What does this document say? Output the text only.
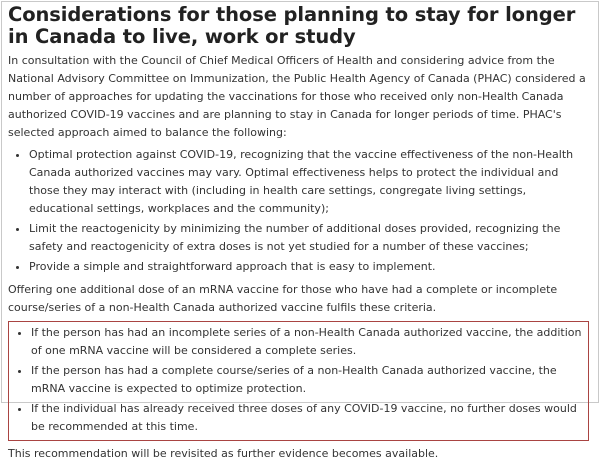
Considerations for those planning to stay for longer in Canada to live, work or study

In consultation with the Council of Chief Medical Officers of Health and considering advice from the National Advisory Committee on Immunization, the Public Health Agency of Canada (PHAC) considered a number of approaches for updating the vaccinations for those who received only non-Health Canada authorized COVID-19 vaccines and are planning to stay in Canada for longer periods of time. PHAC's selected approach aimed to balance the following:

• Optimal protection against COVID-19, recognizing that the vaccine effectiveness of the non-Health Canada authorized vaccines may vary. Optimal effectiveness helps to protect the individual and those they may interact with (including in health care settings, congregate living settings, educational settings, workplaces and the community);
• Limit the reactogenicity by minimizing the number of additional doses provided, recognizing the safety and reactogenicity of extra doses is not yet studied for a number of these vaccines;
• Provide a simple and straightforward approach that is easy to implement.

Offering one additional dose of an mRNA vaccine for those who have had a complete or incomplete course/series of a non-Health Canada authorized vaccine fulfils these criteria.

• If the person has had an incomplete series of a non-Health Canada authorized vaccine, the addition of one mRNA vaccine will be considered a complete series.
• If the person has had a complete course/series of a non-Health Canada authorized vaccine, the mRNA vaccine is expected to optimize protection.
• If the individual has already received three doses of any COVID-19 vaccine, no further doses would be recommended at this time.

This recommendation will be revisited as further evidence becomes available.
